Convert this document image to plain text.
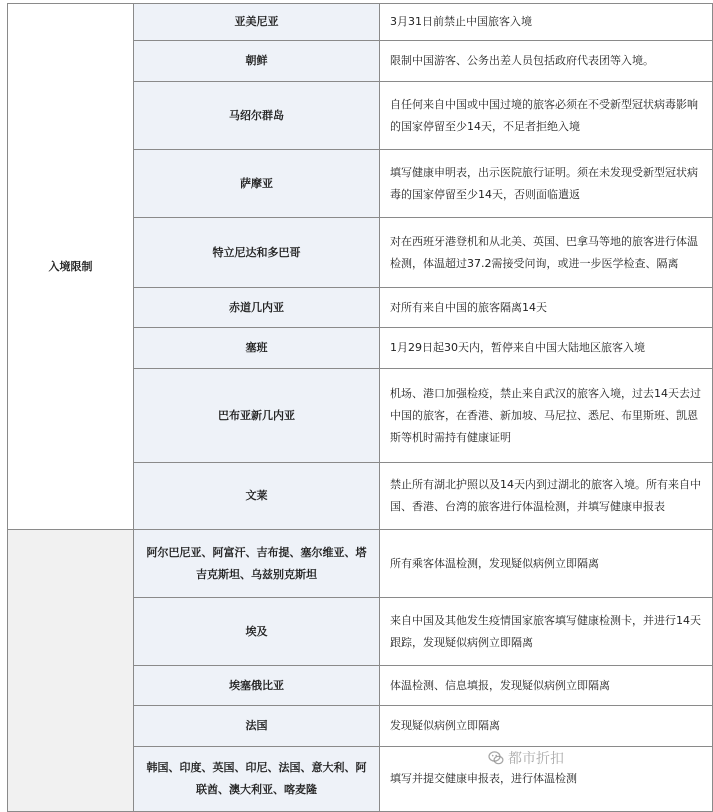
入境限制	亚美尼亚	3月31日前禁止中国旅客入境
	朝鲜	限制中国游客、公务出差人员包括政府代表团等入境。
	马绍尔群岛	自任何来自中国或中国过境的旅客必须在不受新型冠状病毒影响的国家停留至少14天，不足者拒绝入境
	萨摩亚	填写健康申明表，出示医院旅行证明。须在未发现受新型冠状病毒的国家停留至少14天，否则面临遣返
	特立尼达和多巴哥	对在西班牙港登机和从北美、英国、巴拿马等地的旅客进行体温检测，体温超过37.2需接受问询，或进一步医学检查、隔离
	赤道几内亚	对所有来自中国的旅客隔离14天
	塞班	1月29日起30天内，暂停来自中国大陆地区旅客入境
	巴布亚新几内亚	机场、港口加强检疫，禁止来自武汉的旅客入境，过去14天去过中国的旅客，在香港、新加坡、马尼拉、悉尼、布里斯班、凯恩斯等机时需持有健康证明
	文莱	禁止所有湖北护照以及14天内到过湖北的旅客入境。所有来自中国、香港、台湾的旅客进行体温检测，并填写健康申报表
	阿尔巴尼亚、阿富汗、吉布提、塞尔维亚、塔吉克斯坦、乌兹别克斯坦	所有乘客体温检测，发现疑似病例立即隔离
	埃及	来自中国及其他发生疫情国家旅客填写健康检测卡，并进行14天跟踪，发现疑似病例立即隔离
	埃塞俄比亚	体温检测、信息填报，发现疑似病例立即隔离
	法国	发现疑似病例立即隔离
	韩国、印度、英国、印尼、法国、意大利、阿联酋、澳大利亚、喀麦隆	填写并提交健康申报表，进行体温检测
都市折扣
